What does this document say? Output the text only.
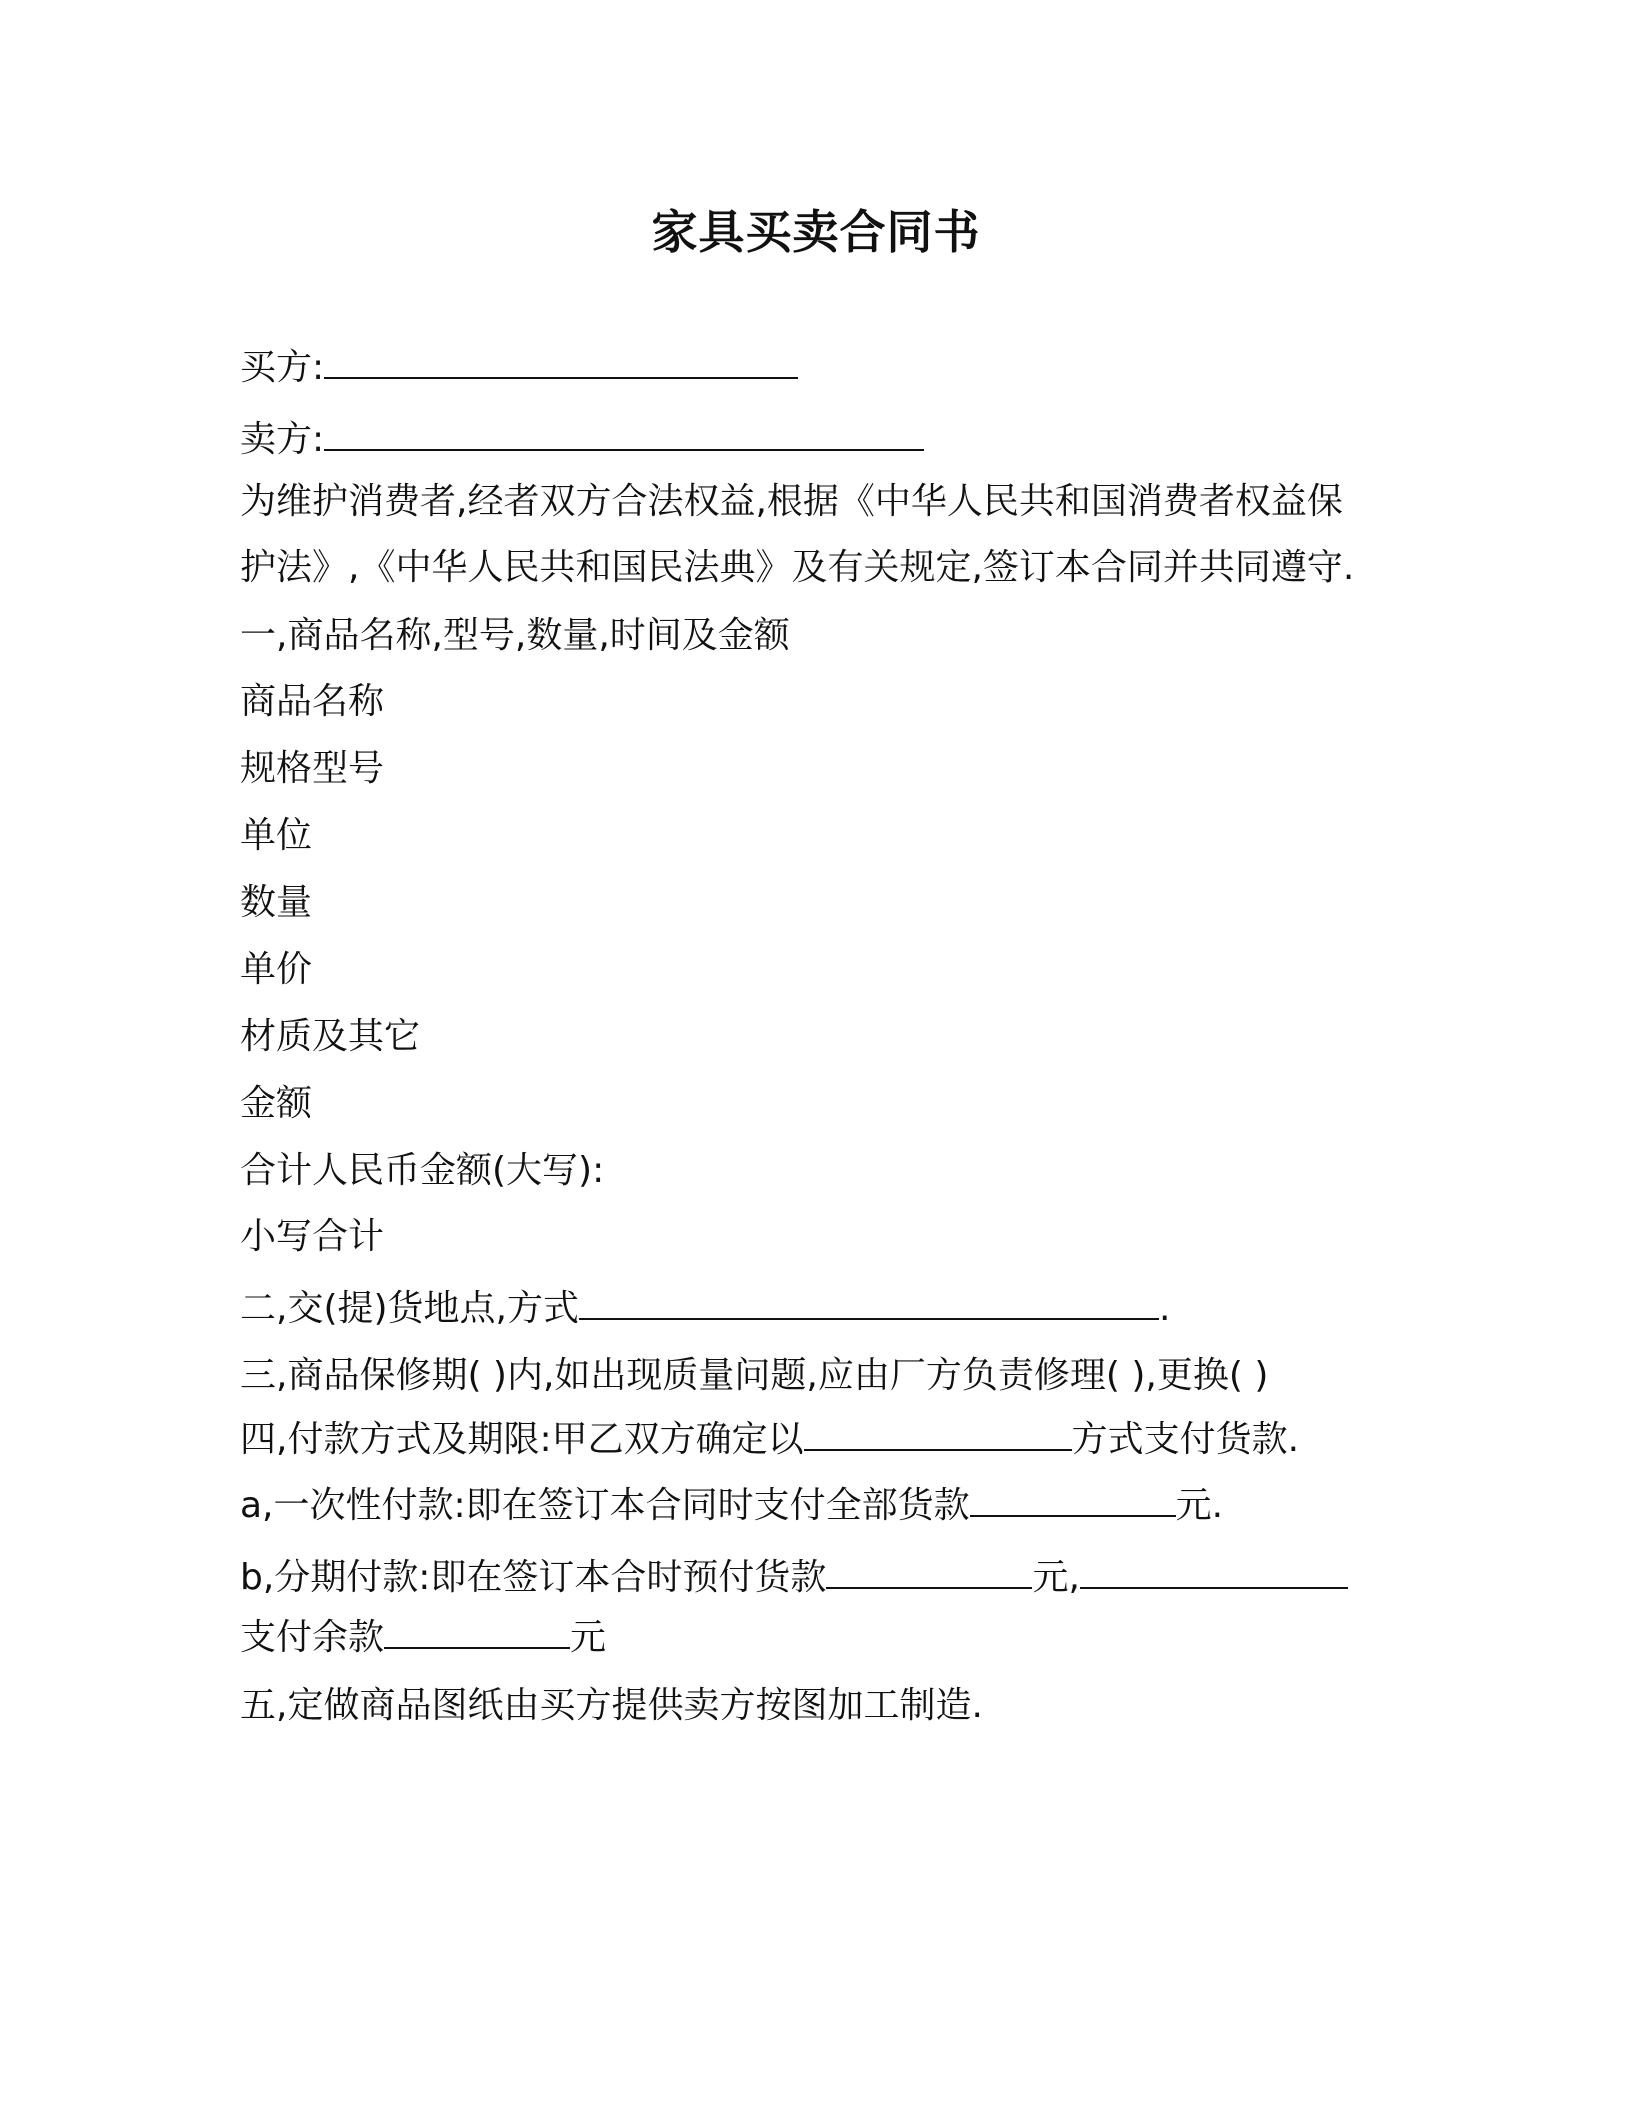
家具买卖合同书
买方:
卖方:
为维护消费者,经者双方合法权益,根据《中华人民共和国消费者权益保
护法》,《中华人民共和国民法典》及有关规定,签订本合同并共同遵守.
一,商品名称,型号,数量,时间及金额
商品名称
规格型号
单位
数量
单价
材质及其它
金额
合计人民币金额(大写):
小写合计
二,交(提)货地点,方式	.
三,商品保修期( )内,如出现质量问题,应由厂方负责修理( ),更换( )
四,付款方式及期限:甲乙双方确定以	方式支付货款.
a,一次性付款:即在签订本合同时支付全部货款	元.
b,分期付款:即在签订本合时预付货款	元,
支付余款	元
五,定做商品图纸由买方提供卖方按图加工制造.
